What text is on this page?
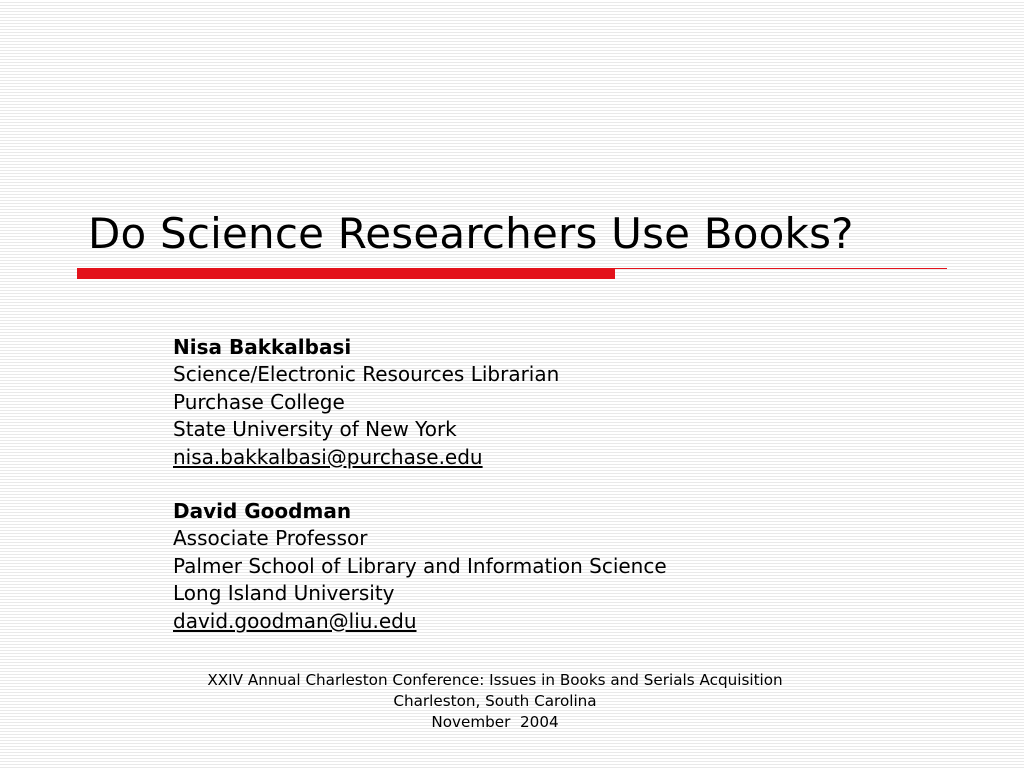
Do Science Researchers Use Books?
Nisa Bakkalbasi
Science/Electronic Resources Librarian
Purchase College
State University of New York
nisa.bakkalbasi@purchase.edu
David Goodman
Associate Professor
Palmer School of Library and Information Science
Long Island University
david.goodman@liu.edu
XXIV Annual Charleston Conference: Issues in Books and Serials Acquisition
Charleston, South Carolina
November  2004
